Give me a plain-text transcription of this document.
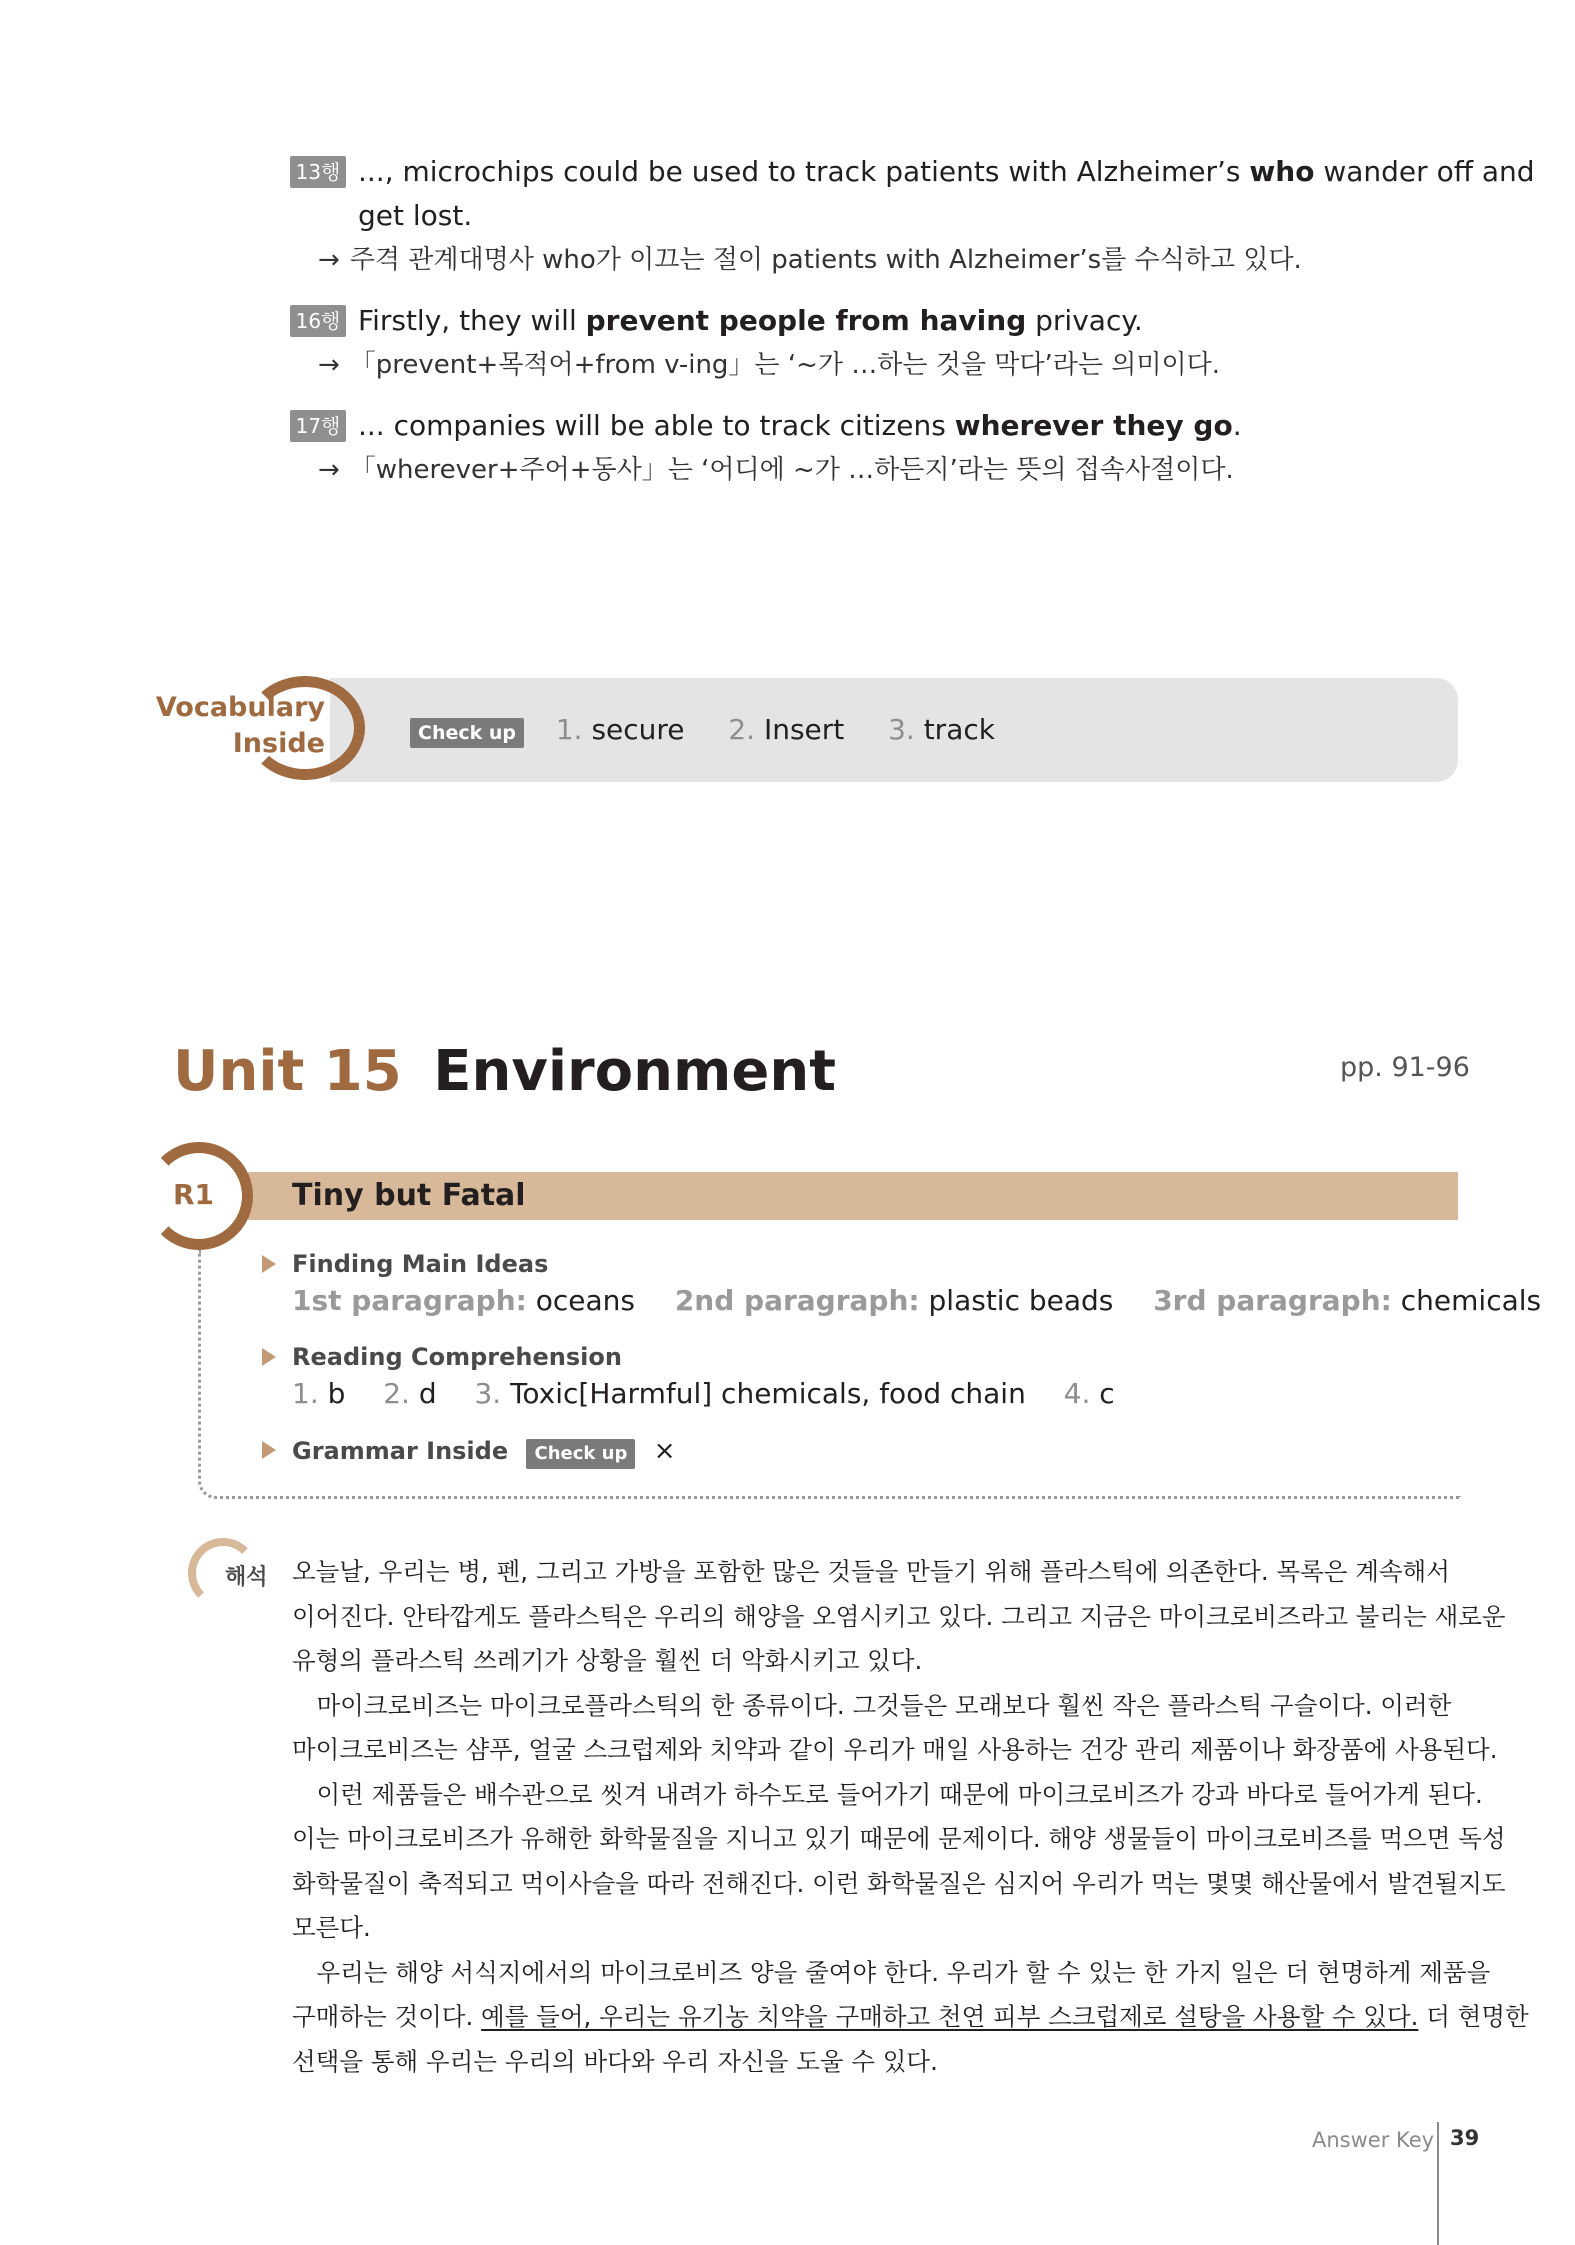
13행 ..., microchips could be used to track patients with Alzheimer’s who wander off and
get lost.
→ 주격 관계대명사 who가 이끄는 절이 patients with Alzheimer’s를 수식하고 있다.
16행 Firstly, they will prevent people from having privacy.
→ 「prevent+목적어+from v-ing」는 ‘~가 …하는 것을 막다’라는 의미이다.
17행 ... companies will be able to track citizens wherever they go.
→ 「wherever+주어+동사」는 ‘어디에 ~가 …하든지’라는 뜻의 접속사절이다.
Vocabulary
Inside	Check up 1. secure 2. Insert 3. track
Unit 15 Environment	pp. 91-96
R1	Tiny but Fatal
Finding Main Ideas
1st paragraph: oceans 2nd paragraph: plastic beads 3rd paragraph: chemicals
Reading Comprehension
1. b 2. d 3. Toxic[Harmful] chemicals, food chain 4. c
Grammar Inside Check up ×
해석 오늘날, 우리는 병, 펜, 그리고 가방을 포함한 많은 것들을 만들기 위해 플라스틱에 의존한다. 목록은 계속해서
이어진다. 안타깝게도 플라스틱은 우리의 해양을 오염시키고 있다. 그리고 지금은 마이크로비즈라고 불리는 새로운
유형의 플라스틱 쓰레기가 상황을 훨씬 더 악화시키고 있다.
　마이크로비즈는 마이크로플라스틱의 한 종류이다. 그것들은 모래보다 훨씬 작은 플라스틱 구슬이다. 이러한
마이크로비즈는 샴푸, 얼굴 스크럽제와 치약과 같이 우리가 매일 사용하는 건강 관리 제품이나 화장품에 사용된다.
　이런 제품들은 배수관으로 씻겨 내려가 하수도로 들어가기 때문에 마이크로비즈가 강과 바다로 들어가게 된다.
이는 마이크로비즈가 유해한 화학물질을 지니고 있기 때문에 문제이다. 해양 생물들이 마이크로비즈를 먹으면 독성
화학물질이 축적되고 먹이사슬을 따라 전해진다. 이런 화학물질은 심지어 우리가 먹는 몇몇 해산물에서 발견될지도
모른다.
　우리는 해양 서식지에서의 마이크로비즈 양을 줄여야 한다. 우리가 할 수 있는 한 가지 일은 더 현명하게 제품을
구매하는 것이다. 예를 들어, 우리는 유기농 치약을 구매하고 천연 피부 스크럽제로 설탕을 사용할 수 있다. 더 현명한
선택을 통해 우리는 우리의 바다와 우리 자신을 도울 수 있다.
Answer Key 39
